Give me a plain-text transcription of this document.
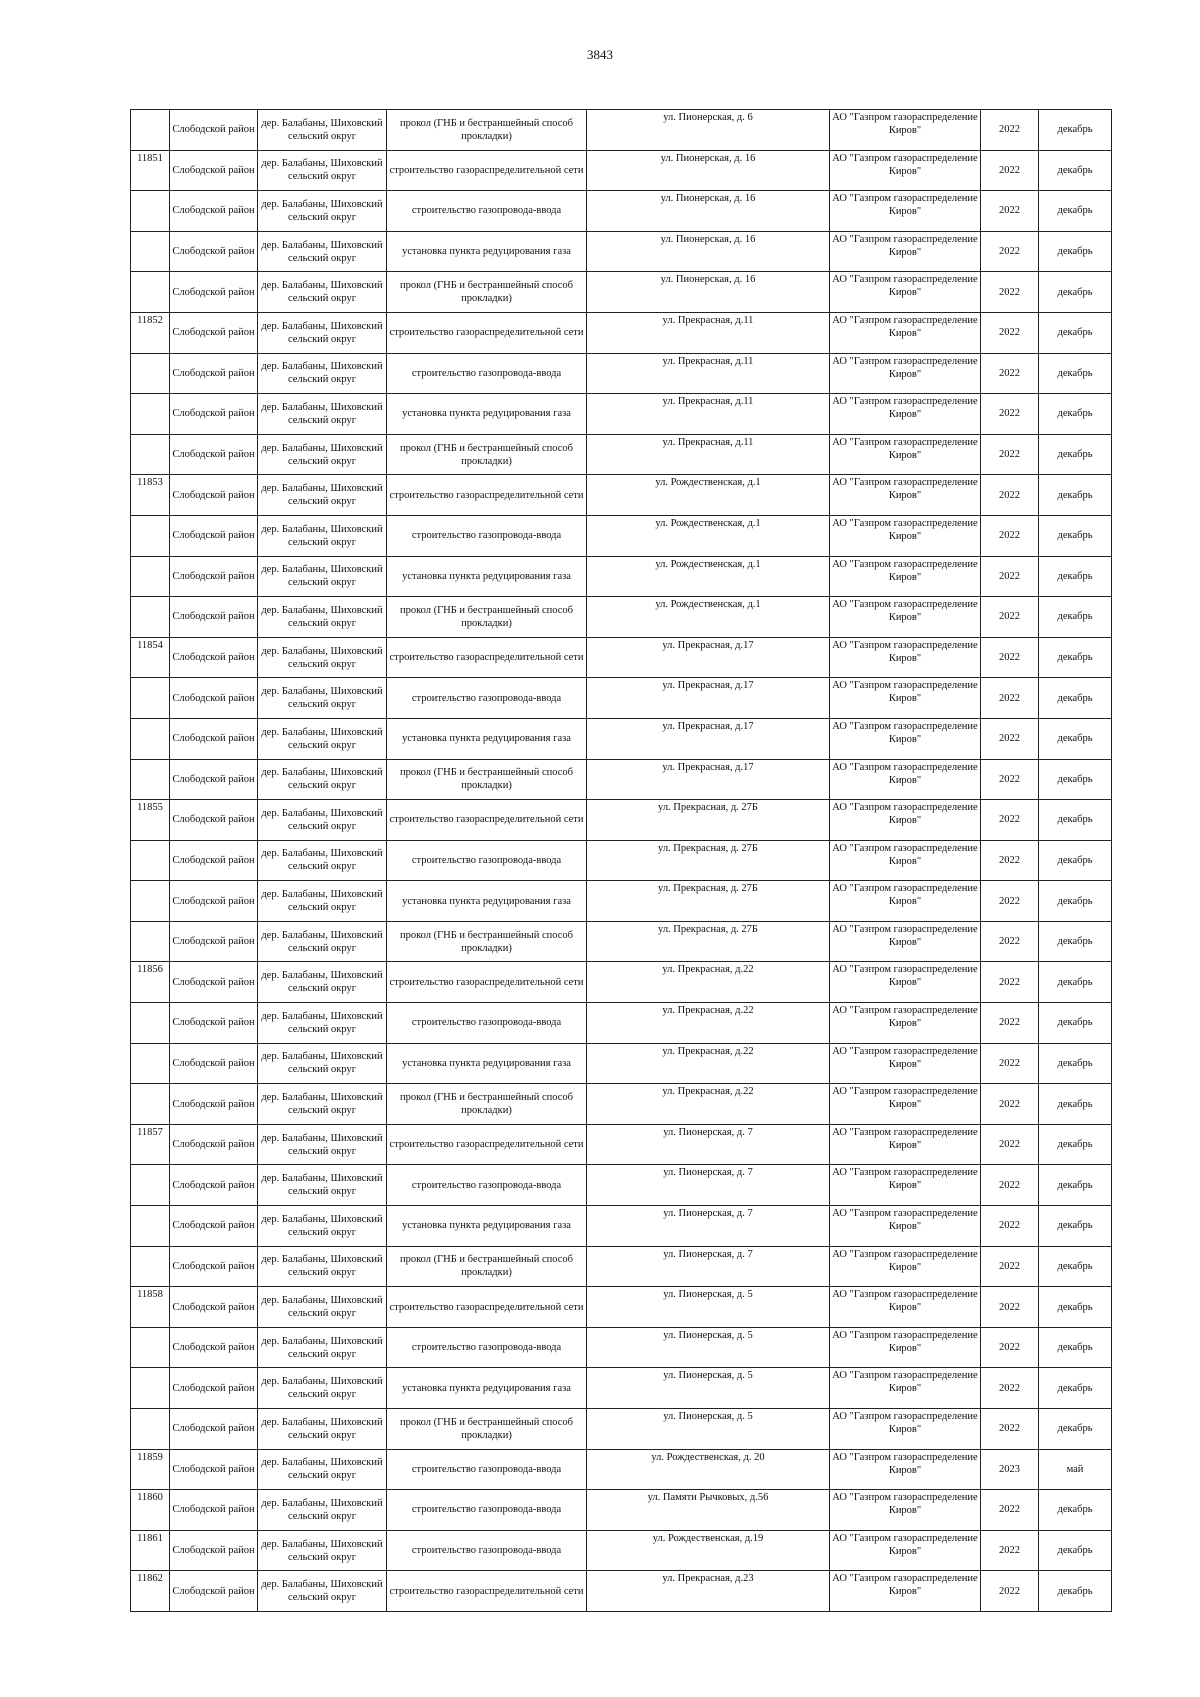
3843
	Слободской район	дер. Балабаны, Шиховский сельский округ	прокол (ГНБ и бестраншейный способ прокладки)	ул. Пионерская, д. 6	АО "Газпром газораспределение Киров"	2022	декабрь
11851	Слободской район	дер. Балабаны, Шиховский сельский округ	строительство газораспределительной сети	ул. Пионерская, д. 16	АО "Газпром газораспределение Киров"	2022	декабрь
	Слободской район	дер. Балабаны, Шиховский сельский округ	строительство газопровода-ввода	ул. Пионерская, д. 16	АО "Газпром газораспределение Киров"	2022	декабрь
	Слободской район	дер. Балабаны, Шиховский сельский округ	установка пункта редуцирования газа	ул. Пионерская, д. 16	АО "Газпром газораспределение Киров"	2022	декабрь
	Слободской район	дер. Балабаны, Шиховский сельский округ	прокол (ГНБ и бестраншейный способ прокладки)	ул. Пионерская, д. 16	АО "Газпром газораспределение Киров"	2022	декабрь
11852	Слободской район	дер. Балабаны, Шиховский сельский округ	строительство газораспределительной сети	ул. Прекрасная, д.11	АО "Газпром газораспределение Киров"	2022	декабрь
	Слободской район	дер. Балабаны, Шиховский сельский округ	строительство газопровода-ввода	ул. Прекрасная, д.11	АО "Газпром газораспределение Киров"	2022	декабрь
	Слободской район	дер. Балабаны, Шиховский сельский округ	установка пункта редуцирования газа	ул. Прекрасная, д.11	АО "Газпром газораспределение Киров"	2022	декабрь
	Слободской район	дер. Балабаны, Шиховский сельский округ	прокол (ГНБ и бестраншейный способ прокладки)	ул. Прекрасная, д.11	АО "Газпром газораспределение Киров"	2022	декабрь
11853	Слободской район	дер. Балабаны, Шиховский сельский округ	строительство газораспределительной сети	ул. Рождественская, д.1	АО "Газпром газораспределение Киров"	2022	декабрь
	Слободской район	дер. Балабаны, Шиховский сельский округ	строительство газопровода-ввода	ул. Рождественская, д.1	АО "Газпром газораспределение Киров"	2022	декабрь
	Слободской район	дер. Балабаны, Шиховский сельский округ	установка пункта редуцирования газа	ул. Рождественская, д.1	АО "Газпром газораспределение Киров"	2022	декабрь
	Слободской район	дер. Балабаны, Шиховский сельский округ	прокол (ГНБ и бестраншейный способ прокладки)	ул. Рождественская, д.1	АО "Газпром газораспределение Киров"	2022	декабрь
11854	Слободской район	дер. Балабаны, Шиховский сельский округ	строительство газораспределительной сети	ул. Прекрасная, д.17	АО "Газпром газораспределение Киров"	2022	декабрь
	Слободской район	дер. Балабаны, Шиховский сельский округ	строительство газопровода-ввода	ул. Прекрасная, д.17	АО "Газпром газораспределение Киров"	2022	декабрь
	Слободской район	дер. Балабаны, Шиховский сельский округ	установка пункта редуцирования газа	ул. Прекрасная, д.17	АО "Газпром газораспределение Киров"	2022	декабрь
	Слободской район	дер. Балабаны, Шиховский сельский округ	прокол (ГНБ и бестраншейный способ прокладки)	ул. Прекрасная, д.17	АО "Газпром газораспределение Киров"	2022	декабрь
11855	Слободской район	дер. Балабаны, Шиховский сельский округ	строительство газораспределительной сети	ул. Прекрасная, д. 27Б	АО "Газпром газораспределение Киров"	2022	декабрь
	Слободской район	дер. Балабаны, Шиховский сельский округ	строительство газопровода-ввода	ул. Прекрасная, д. 27Б	АО "Газпром газораспределение Киров"	2022	декабрь
	Слободской район	дер. Балабаны, Шиховский сельский округ	установка пункта редуцирования газа	ул. Прекрасная, д. 27Б	АО "Газпром газораспределение Киров"	2022	декабрь
	Слободской район	дер. Балабаны, Шиховский сельский округ	прокол (ГНБ и бестраншейный способ прокладки)	ул. Прекрасная, д. 27Б	АО "Газпром газораспределение Киров"	2022	декабрь
11856	Слободской район	дер. Балабаны, Шиховский сельский округ	строительство газораспределительной сети	ул. Прекрасная, д.22	АО "Газпром газораспределение Киров"	2022	декабрь
	Слободской район	дер. Балабаны, Шиховский сельский округ	строительство газопровода-ввода	ул. Прекрасная, д.22	АО "Газпром газораспределение Киров"	2022	декабрь
	Слободской район	дер. Балабаны, Шиховский сельский округ	установка пункта редуцирования газа	ул. Прекрасная, д.22	АО "Газпром газораспределение Киров"	2022	декабрь
	Слободской район	дер. Балабаны, Шиховский сельский округ	прокол (ГНБ и бестраншейный способ прокладки)	ул. Прекрасная, д.22	АО "Газпром газораспределение Киров"	2022	декабрь
11857	Слободской район	дер. Балабаны, Шиховский сельский округ	строительство газораспределительной сети	ул. Пионерская, д. 7	АО "Газпром газораспределение Киров"	2022	декабрь
	Слободской район	дер. Балабаны, Шиховский сельский округ	строительство газопровода-ввода	ул. Пионерская, д. 7	АО "Газпром газораспределение Киров"	2022	декабрь
	Слободской район	дер. Балабаны, Шиховский сельский округ	установка пункта редуцирования газа	ул. Пионерская, д. 7	АО "Газпром газораспределение Киров"	2022	декабрь
	Слободской район	дер. Балабаны, Шиховский сельский округ	прокол (ГНБ и бестраншейный способ прокладки)	ул. Пионерская, д. 7	АО "Газпром газораспределение Киров"	2022	декабрь
11858	Слободской район	дер. Балабаны, Шиховский сельский округ	строительство газораспределительной сети	ул. Пионерская, д. 5	АО "Газпром газораспределение Киров"	2022	декабрь
	Слободской район	дер. Балабаны, Шиховский сельский округ	строительство газопровода-ввода	ул. Пионерская, д. 5	АО "Газпром газораспределение Киров"	2022	декабрь
	Слободской район	дер. Балабаны, Шиховский сельский округ	установка пункта редуцирования газа	ул. Пионерская, д. 5	АО "Газпром газораспределение Киров"	2022	декабрь
	Слободской район	дер. Балабаны, Шиховский сельский округ	прокол (ГНБ и бестраншейный способ прокладки)	ул. Пионерская, д. 5	АО "Газпром газораспределение Киров"	2022	декабрь
11859	Слободской район	дер. Балабаны, Шиховский сельский округ	строительство газопровода-ввода	ул. Рождественская, д. 20	АО "Газпром газораспределение Киров"	2023	май
11860	Слободской район	дер. Балабаны, Шиховский сельский округ	строительство газопровода-ввода	ул. Памяти Рычковых, д.56	АО "Газпром газораспределение Киров"	2022	декабрь
11861	Слободской район	дер. Балабаны, Шиховский сельский округ	строительство газопровода-ввода	ул. Рождественская, д.19	АО "Газпром газораспределение Киров"	2022	декабрь
11862	Слободской район	дер. Балабаны, Шиховский сельский округ	строительство газораспределительной сети	ул. Прекрасная, д.23	АО "Газпром газораспределение Киров"	2022	декабрь
